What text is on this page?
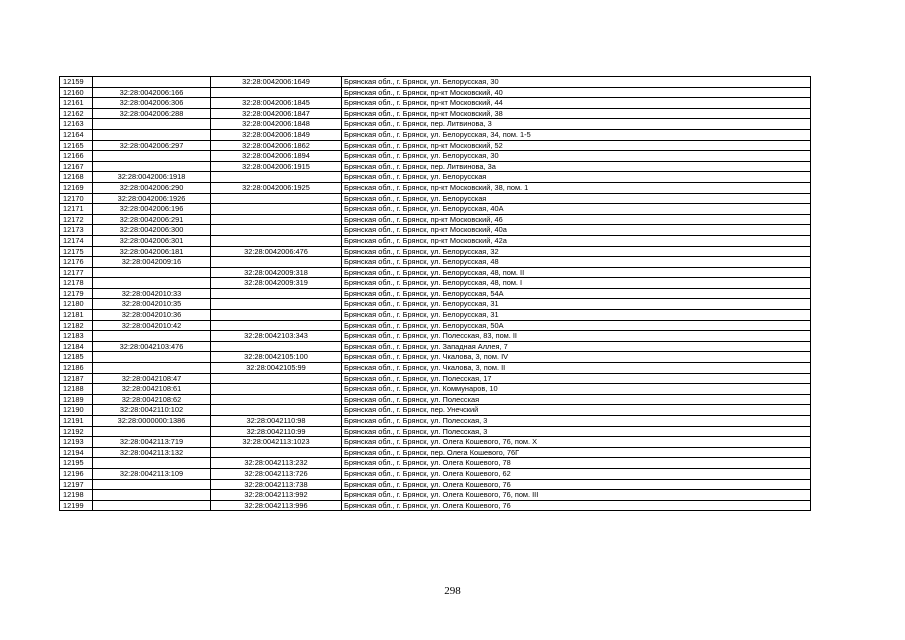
12159		32:28:0042006:1649	Брянская обл., г. Брянск, ул. Белорусская, 30
12160	32:28:0042006:166		Брянская обл., г. Брянск, пр-кт Московский, 40
12161	32:28:0042006:306	32:28:0042006:1845	Брянская обл., г. Брянск, пр-кт Московский, 44
12162	32:28:0042006:288	32:28:0042006:1847	Брянская обл., г. Брянск, пр-кт Московский, 38
12163		32:28:0042006:1848	Брянская обл., г. Брянск, пер. Литвинова, 3
12164		32:28:0042006:1849	Брянская обл., г. Брянск, ул. Белорусская, 34, пом. 1-5
12165	32:28:0042006:297	32:28:0042006:1862	Брянская обл., г. Брянск, пр-кт Московский, 52
12166		32:28:0042006:1894	Брянская обл., г. Брянск, ул. Белорусская, 30
12167		32:28:0042006:1915	Брянская обл., г. Брянск, пер. Литвинова, 3а
12168	32:28:0042006:1918		Брянская обл., г. Брянск, ул. Белорусская
12169	32:28:0042006:290	32:28:0042006:1925	Брянская обл., г. Брянск, пр-кт Московский, 38, пом. 1
12170	32:28:0042006:1926		Брянская обл., г. Брянск, ул. Белорусская
12171	32:28:0042006:196		Брянская обл., г. Брянск, ул. Белорусская, 40А
12172	32:28:0042006:291		Брянская обл., г. Брянск, пр-кт Московский, 46
12173	32:28:0042006:300		Брянская обл., г. Брянск, пр-кт Московский, 40а
12174	32:28:0042006:301		Брянская обл., г. Брянск, пр-кт Московский, 42а
12175	32:28:0042006:181	32:28:0042006:476	Брянская обл., г. Брянск, ул. Белорусская, 32
12176	32:28:0042009:16		Брянская обл., г. Брянск, ул. Белорусская, 48
12177		32:28:0042009:318	Брянская обл., г. Брянск, ул. Белорусская, 48, пом. II
12178		32:28:0042009:319	Брянская обл., г. Брянск, ул. Белорусская, 48, пом. I
12179	32:28:0042010:33		Брянская обл., г. Брянск, ул. Белорусская, 54А
12180	32:28:0042010:35		Брянская обл., г. Брянск, ул. Белорусская, 31
12181	32:28:0042010:36		Брянская обл., г. Брянск, ул. Белорусская, 31
12182	32:28:0042010:42		Брянская обл., г. Брянск, ул. Белорусская, 50А
12183		32:28:0042103:343	Брянская обл., г. Брянск, ул. Полесская, 83, пом. II
12184	32:28:0042103:476		Брянская обл., г. Брянск, ул. Западная Аллея, 7
12185		32:28:0042105:100	Брянская обл., г. Брянск, ул. Чкалова, 3, пом. IV
12186		32:28:0042105:99	Брянская обл., г. Брянск, ул. Чкалова, 3, пом. II
12187	32:28:0042108:47		Брянская обл., г. Брянск, ул. Полесская, 17
12188	32:28:0042108:61		Брянская обл., г. Брянск, ул. Коммунаров, 10
12189	32:28:0042108:62		Брянская обл., г. Брянск, ул. Полесская
12190	32:28:0042110:102		Брянская обл., г. Брянск, пер. Унечский
12191	32:28:0000000:1386	32:28:0042110:98	Брянская обл., г. Брянск, ул. Полесская, 3
12192		32:28:0042110:99	Брянская обл., г. Брянск, ул. Полесская, 3
12193	32:28:0042113:719	32:28:0042113:1023	Брянская обл., г. Брянск, ул. Олега Кошевого, 76, пом. X
12194	32:28:0042113:132		Брянская обл., г. Брянск, пер. Олега Кошевого, 76Г
12195		32:28:0042113:232	Брянская обл., г. Брянск, ул. Олега Кошевого, 78
12196	32:28:0042113:109	32:28:0042113:726	Брянская обл., г. Брянск, ул. Олега Кошевого, 62
12197		32:28:0042113:738	Брянская обл., г. Брянск, ул. Олега Кошевого, 76
12198		32:28:0042113:992	Брянская обл., г. Брянск, ул. Олега Кошевого, 76, пом. III
12199		32:28:0042113:996	Брянская обл., г. Брянск, ул. Олега Кошевого, 76
298
